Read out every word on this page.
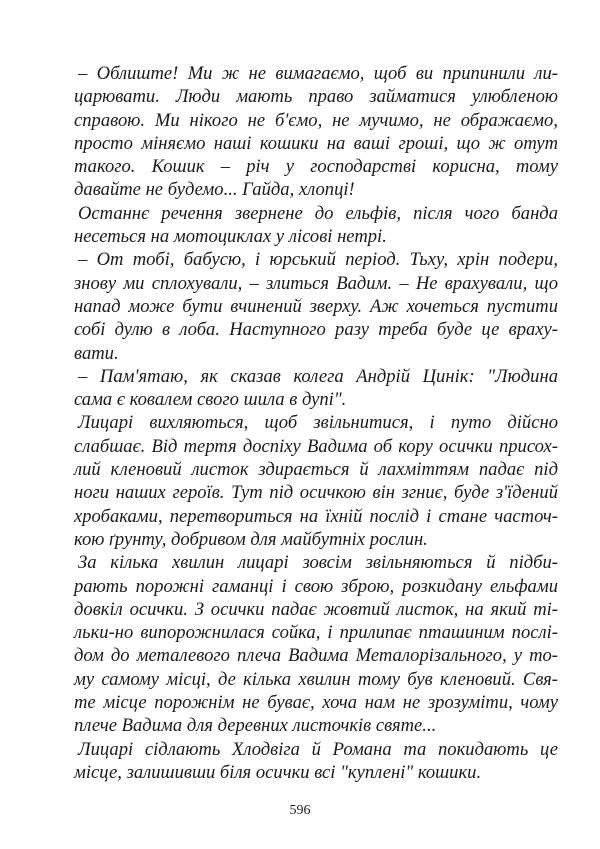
– Облиште! Ми ж не вимагаємо, щоб ви припинили ли-
царювати. Люди мають право займатися улюбленою
справою. Ми нікого не б'ємо, не мучимо, не ображаємо,
просто міняємо наші кошики на ваші гроші, що ж отут
такого. Кошик – річ у господарстві корисна, тому
давайте не будемо... Гайда, хлопці!
Останнє речення звернене до ельфів, після чого банда
несеться на мотоциклах у лісові нетрі.
– От тобі, бабусю, і юрський період. Тьху, хрін подери,
знову ми сплохували, – злиться Вадим. – Не врахували, що
напад може бути вчинений зверху. Аж хочеться пустити
собі дулю в лоба. Наступного разу треба буде це враху-
вати.
– Пам'ятаю, як сказав колега Андрій Цинік: "Людина
сама є ковалем свого шила в дупі".
Лицарі вихляються, щоб звільнитися, і путо дійсно
слабшає. Від тертя доспіху Вадима об кору осички присох-
лий кленовий листок здирається й лахміттям падає під
ноги наших героїв. Тут під осичкою він згниє, буде з'їдений
хробаками, перетвориться на їхній послід і стане часточ-
кою ґрунту, добривом для майбутніх рослин.
За кілька хвилин лицарі зовсім звільняються й підби-
рають порожні гаманці і свою зброю, розкидану ельфами
довкіл осички. З осички падає жовтий листок, на який ті-
льки-но випорожнилася сойка, і прилипає пташиним послі-
дом до металевого плеча Вадима Металорізального, у то-
му самому місці, де кілька хвилин тому був кленовий. Свя-
те місце порожнім не буває, хоча нам не зрозуміти, чому
плече Вадима для деревних листочків святе...
Лицарі сідлають Хлодвіга й Романа та покидають це
місце, залишивши біля осички всі "куплені" кошики.
596
